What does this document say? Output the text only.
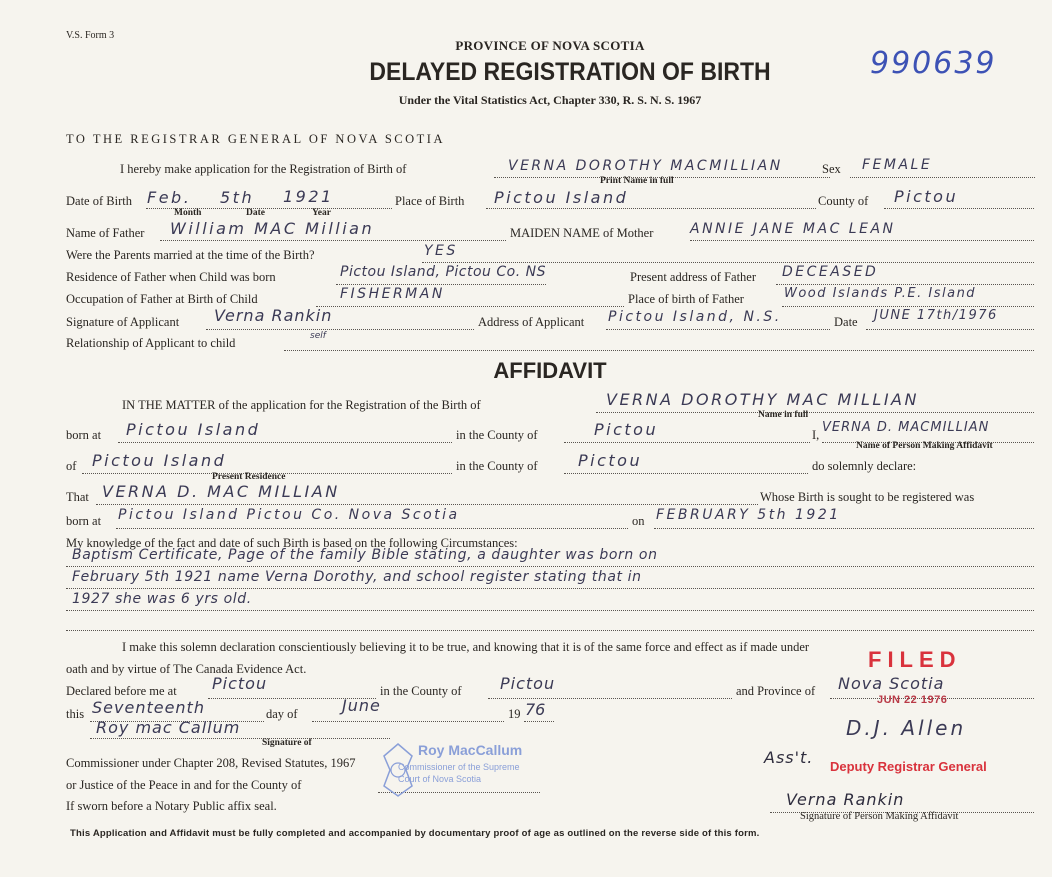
V.S. Form 3
PROVINCE OF NOVA SCOTIA
DELAYED REGISTRATION OF BIRTH
Under the Vital Statistics Act, Chapter 330, R. S. N. S. 1967
990639
TO THE REGISTRAR GENERAL OF NOVA SCOTIA
I hereby make application for the Registration of Birth of	VERNA DOROTHY MACMILLIAN
Print Name in full
Sex FEMALE
Date of Birth Feb. 5th 1921
Month	Date	Year
Place of Birth Pictou Island	County of Pictou
Name of Father William MAC Millian	MAIDEN NAME of Mother	ANNIE JANE MAC LEAN
Were the Parents married at the time of the Birth?	YES
Residence of Father when Child was born	Pictou Island, Pictou Co. NS	Present address of Father DECEASED
Occupation of Father at Birth of Child	FISHERMAN	Place of birth of Father	Wood Islands P.E. Island
Signature of Applicant Verna Rankin	Address of Applicant Pictou Island, N.S.	Date JUNE 17th/1976
Relationship of Applicant to child	self
AFFIDAVIT
IN THE MATTER of the application for the Registration of the Birth of	VERNA DOROTHY MAC MILLIAN
Name in full
born at Pictou Island	in the County of	Pictou	I, VERNA D. MACMILLIAN
Name of Person Making Affidavit
of Pictou Island
Present Residence
in the County of	Pictou	do solemnly declare:
That VERNA D. MAC MILLIAN	Whose Birth is sought to be registered was
born at Pictou Island Pictou Co. Nova Scotia	on FEBRUARY 5th 1921
My knowledge of the fact and date of such Birth is based on the following Circumstances:
Baptism Certificate, Page of the family Bible stating, a daughter was born on
February 5th 1921 name Verna Dorothy, and school register stating that in
1927 she was 6 yrs old.
I make this solemn declaration conscientiously believing it to be true, and knowing that it is of the same force and effect as if made under
oath and by virtue of The Canada Evidence Act.
Declared before me at Pictou	in the County of Pictou	and Province of Nova Scotia
this Seventeenth	day of	June	19 76
Roy mac Callum
Signature of
Commissioner under Chapter 208, Revised Statutes, 1967
or Justice of the Peace in and for the County of
If sworn before a Notary Public affix seal.
Roy MacCallum
Commissioner of the Supreme
Court of Nova Scotia
FILED
JUN 22 1976
D.J. Allen
Ass't. Deputy Registrar General
Verna Rankin
Signature of Person Making Affidavit
This Application and Affidavit must be fully completed and accompanied by documentary proof of age as outlined on the reverse side of this form.
